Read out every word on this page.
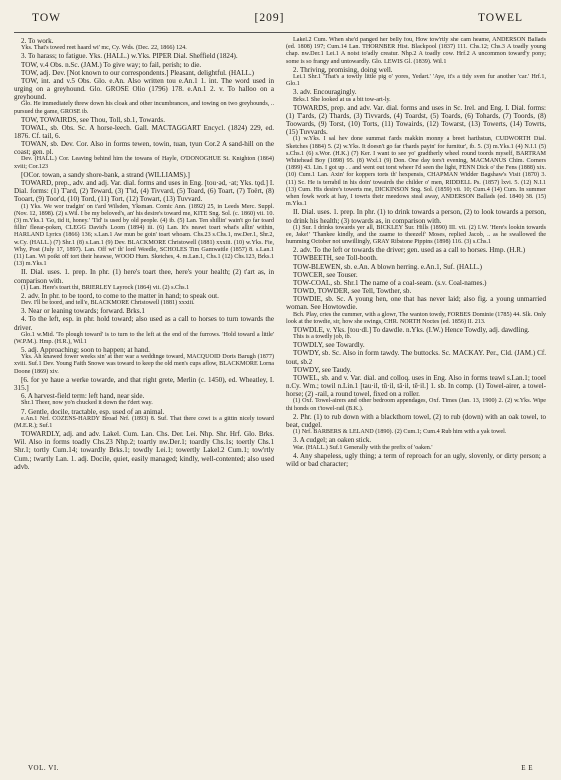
TOW	[209]	TOWEL

2. To work.

Yks. That's towed reet haard wi' mc, Cy. Wds. (Dec. 22, 1866) 124.

3. To harass; to fatigue. Yks. (HALL.) w.Yks. PIPER Dial. Sheffield (1824).

TOW, v.4 Obs. n.Sc. (JAM.) To give way; to fail, perish; to die.

TOW, adj. Dev. [Not known to our correspondents.] Pleasant, delightful. (HALL.)

TOW, int. and v.5 Obs. Glo. e.An. Also written tou e.An.1 1. int. The word used in urging on a greyhound. Glo. GROSE Olio (1796) 178. e.An.1 2. v. To halloo on a greyhound.

Glo. He immediately threw down his cloak and other incumbrances, and towing on two greyhounds, .. pursued the game, GROSE ib.

TOW, TOWAIRDS, see Thou, Toll, sb.1, Towards.

TOWAL, sb. Obs. Sc. A horse-leech. Gall. MACTAGGART Encycl. (1824) 229, ed. 1876. Cf. tail, 6.

TOWAN, sb. Dev. Cor. Also in forms tewen, towin, tuan, tyun Cor.2 A sand-hill on the coast; gen. pl.

Dev. (HALL.) Cor. Leaving behind him the towans of Hayle, O'DONOGHUE St. Knighton (1864) xviii; Cor.123

[OCor. towan, a sandy shore-bank, a strand (WILLIAMS).]

TOWARD, prep., adv. and adj. Var. dial. forms and uses in Eng. [tou·əd, ·at; Yks. tǫd.] I. Dial. forms: (1) T'ard, (2) Teward, (3) T'id, (4) Tivvard, (5) Toard, (6) Toart, (7) Toërt, (8) Tooart, (9) Toor'd, (10) Tord, (11) Tort, (12) Towart, (13) Tuvvard.

(1) Yks. We wor tradgin' on t'ard Wilsden, Yksman. Comic Ann. (1892) 25, in Leeds Merc. Suppl. (Nov. 12, 1898). (2) s.Wil. I be my beloved's, an' his desire's toward me, KITE Sng. Sol. (c. 1860) vii. 10. (3) m.Yks.1 'Go, tid it, honey.' 'Tid' is used by old people. (4) ib. (5) Lan. Ten shillin' wain't go far toard fillin' fleear-poken, CLEGG David's Loom (1894) iii. (6) Lan. It's neawt toart what's allin' within, HARLAND Lyrics (1866) 136; s.Lan.1 Aw mun be goin' toart whoam. Chs.23 s.Chs.1, nw.Der.1, Shr.2, w.Cy. (HALL.) (7) Shr.1 (8) s.Lan.1 (9) Dev. BLACKMORE Christowell (1881) xxxiii. (10) w.Yks. Fie, Why, Post (July 17, 1897). Lan. Off wi' th' lord Weedle, SCHOLES Tim Gamwattle (1857) 8. s.Lan.1 (11) Lan. Wi poikt off tort their heawse, WOOD Hum. Sketches, 4. m.Lan.1, Chs.1 (12) Chs.123, Brks.1 (13) m.Yks.1

II. Dial. uses. 1. prep. In phr. (1) here's toart thee, here's your health; (2) t'art as, in comparison with.

(1) Lan. Here's toart thi, BRIERLEY Layrock (1864) vii. (2) s.Chs.1

2. adv. In phr. to be toord, to come to the matter in hand; to speak out.

Dev. I'll be toord, and tell'e, BLACKMORE Christowell (1881) xxxiii.

3. Near or leaning towards; forward. Brks.1

4. To the left, esp. in phr. hold toward; also used as a call to horses to turn towards the driver.

Glo.1 w.Mid. 'To plough toward' is to turn to the left at the end of the furrows. 'Hold toward a little' (W.P.M.). Hmp. (H.R.), Wil.1

5. adj. Approaching; soon to happen; at hand.

Yks. Ah knawed fower weeks sin' at ther war a weddinge toward, MACQUOID Doris Barugh (1877) xviii. Suf.1 Dev. Young Faith Snowe was toward to keep the old men's cups aflow, BLACKMORE Lorna Doone (1869) xiv.

[6. for ye haue a werke towarde, and that right grete, Merlin (c. 1450), ed. Wheatley, I. 315.]

6. A harvest-field term: left hand, near side.

Shr.1 Theer, now yo'n chucked it down the t'dert way.

7. Gentle, docile, tractable, esp. used of an animal.

e.An.1 Nrf. COZENS-HARDY Broad Nrf. (1893) 8. Suf. That there cowt is a gittin nicely toward (M.E.R.); Suf.1

TOWARDLY, adj. and adv. Lakel. Cum. Lan. Chs. Der. Lei. Nhp. Shr. Hrf. Glo. Brks. Wil. Also in forms toadly Chs.23 Nhp.2; toartly nw.Der.1; toardly Chs.1s; toertly Chs.1 Shr.1; tortly Cum.14; towardly Brks.1; towdly Lei.1; towertly Lakel.2 Cum.1; tow'rtly Cum.; twartly Lan. 1. adj. Docile, quiet, easily managed; kindly, well-contented; also used advb.

Lakel.2 Cum. When she'd panged her belly fou, How tow'rtly she cam heame, ANDERSON Ballads (ed. 1808) 197; Cum.14 Lan. THORNBER Hist. Blackpool (1837) 111. Chs.12; Chs.3 A toadly young chap. nw.Der.1 Lei.1 A noist to'adly creatur. Nhp.2 A toadly cow. Hrf.2 A uncommon toward'y pony; some is so frangy and untowardly. Glo. LEWIS Gl. (1839). Wil.1

2. Thriving, promising, doing well.

Lei.1 Shr.1 'That's a towtly little pig o' yores, Yedart.' 'Aye, it's a tidy sven fur another 'car.' Hrf.1, Glo.1

3. adv. Encouragingly.

Brks.1 She looked at us a bit tow-art-ly.

TOWARDS, prep. and adv. Var. dial. forms and uses in Sc. Irel. and Eng. I. Dial. forms: (1) T'ards, (2) Thards, (3) Tivvards, (4) Toardst, (5) Toards, (6) Tohards, (7) Toords, (8) Toowards, (9) Torst, (10) Torts, (11) Towairds, (12) Towarst, (13) Towerts, (14) Towrts, (15) Tuvvards.

(1) w.Yks. I sal hev done summat t'ards makkin monny a breet harthstun, CUDWORTH Dial. Sketches (1884) 5. (2) w.Yks. It doesn't go far t'hards payin' for furnitur', ib. 5. (3) m.Yks.1 (4) N.I.1 (5) s.Chs.1 (6) s.Wor. (H.K.) (7) Ker. I want to see yo' gradtherly wheel round toords myself, BARTRAM Whitehead Boy (1898) 95. (8) Wxf.1 (9) Don. One day tors't evening, MACMANUS Chim. Corners (1899) 43. Lin. I got up . . and went out torst wheer I'd seen the light, FENN Dick o' the Fens (1888) xix. (10) Cum.1 Lan. Axin' for koppers torts th' hexpensis, CHAPMAN Widder Bagshaw's Visit (1870) 3. (11) Sc. He is terrabil in his doin' towairds the childer o' men, RIDDELL Ps. (1857) lxvi. 5. (12) N.I.1 (13) Cum. His desire's towerts me, DICKINSON Sng. Sol. (1859) vii. 10; Cum.4 (14) Cum. In summer when fowk work at hay, I towrts their meedows steal away, ANDERSON Ballads (ed. 1840) 38. (15) m.Yks.1

II. Dial. uses. 1. prep. In phr. (1) to drink towards a person, (2) to look towards a person, to drink his health; (3) towards as, in comparison with.

(1) Sur. I drinks towards yer all, BICKLEY Sur. Hills (1890) III. vii. (2) I.W. 'Here's lookin towards ee, Jake!' 'Thankee kindly, and the zaame to theezelf' Moses, replied Jacob, .. as he swallowed the humming October not unwillingly, GRAY Ribstone Pippins (1898) 116. (3) s.Chs.1

2. adv. To the left or towards the driver; gen. used as a call to horses. Hmp. (H.R.)

TOWBEETH, see Toll-booth.

TOW-BLEWEN, sb. e.An. A blown herring. e.An.1, Suf. (HALL.)

TOWCER, see Touser.

TOW-COAL, sb. Shr.1 The name of a coal-seam. (s.v. Coal-names.)

TOWD, TOWDER, see Tell, Towther, sb.

TOWDIE, sb. Sc. A young hen, one that has never laid; also fig. a young unmarried woman. See Howtowdie.

Bch. Play, cries the cummer, with a glowr, The wanton towdy, FORBES Dominie (1785) 44. Slk. Only look at the towdie, sir, how she swings, CHR. NORTH Noctes (ed. 1856) II. 213.

TOWDLE, v. Yks. [tou·dl.] To dawdle. n.Yks. (I.W.) Hence Towdly, adj. dawdling.

This is a towdly job, ib.

TOWDLY, see Towardly.

TOWDY, sb. Sc. Also in form tawdy. The buttocks. Sc. MACKAY. Per., Cld. (JAM.) Cf. tout, sb.2

TOWDY, see Taudy.

TOWEL, sb. and v. Var. dial. and colloq. uses in Eng. Also in forms teawl s.Lan.1; tooel n.Cy. Wm.; towil n.Lin.1 [tau·il, tū·il, tā·il, tē·il.] 1. sb. In comp. (1) Towel-airer, a towel-horse; (2) -rail, a round towel, fixed on a roller.

(1) Oxf. Towel-airers and other bedroom appendages, Oxf. Times (Jan. 13, 1900) 2. (2) w.Yks. Wipe thi honds on t'towel-rail (B.K.).

2. Phr. (1) to rub down with a blackthorn towel, (2) to rub (down) with an oak towel, to beat, cudgel.

(1) Nrf. BARBERS & LELAND (1890). (2) Cum.1; Cum.4 Rub him with a yak towel.

3. A cudgel; an oaken stick.

War. (HALL.) Suf.1 Generally with the prefix of 'oaken.'

4. Any shapeless, ugly thing; a term of reproach for an ugly, slovenly, or dirty person; a wild or bad character;

VOL. VI.	E E
